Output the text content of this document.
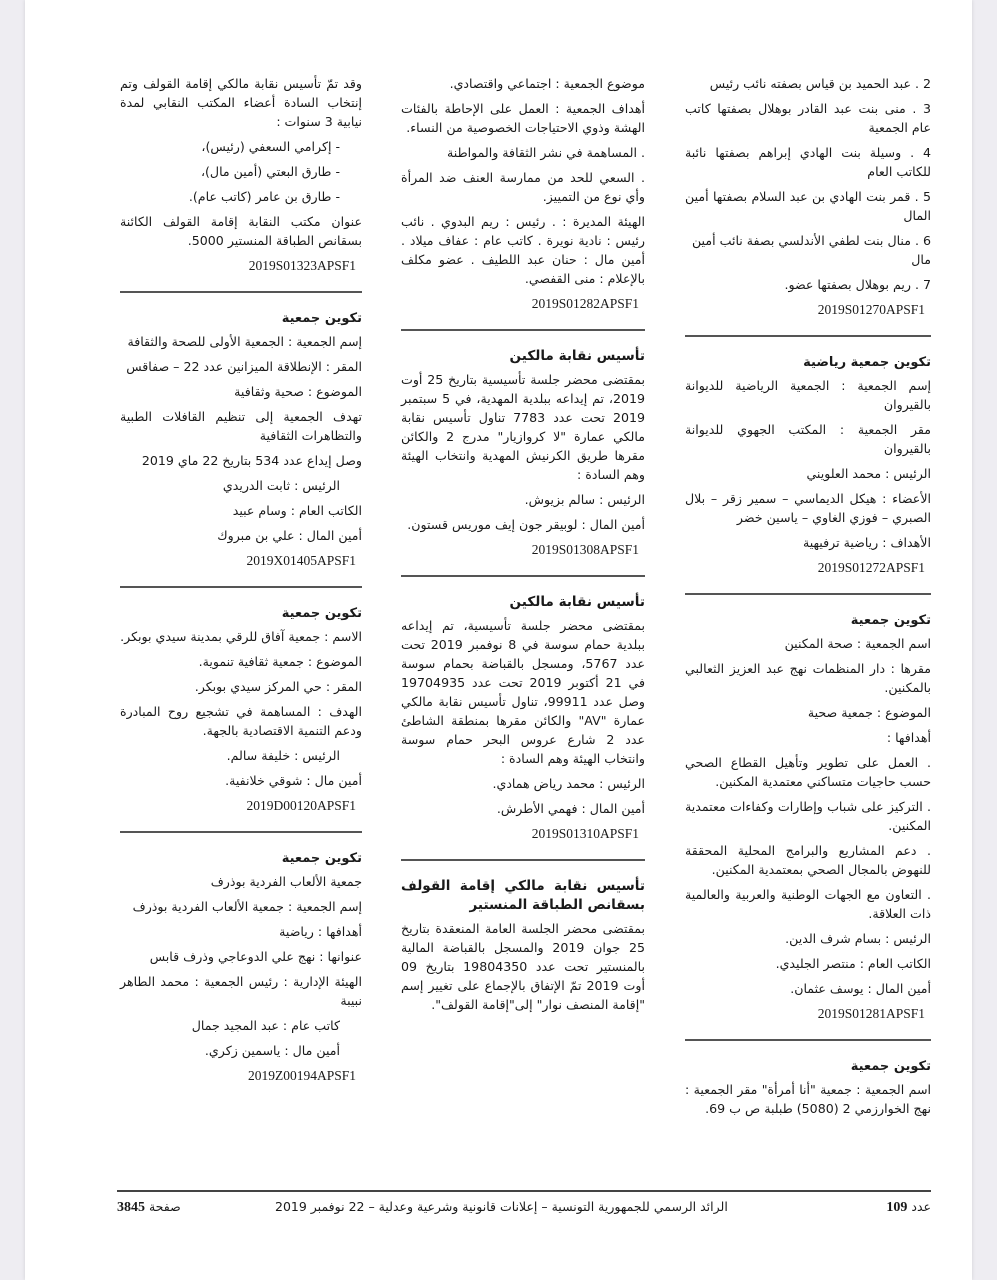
2 . عبد الحميد بن قياس بصفته نائب رئيس
3 . منى بنت عبد القادر بوهلال بصفتها كاتب عام الجمعية
4 . وسيلة بنت الهادي إبراهم بصفتها نائبة للكاتب العام
5 . قمر بنت الهادي بن عبد السلام بصفتها أمين المال
6 . منال بنت لطفي الأندلسي بصفة نائب أمين مال
7 . ريم بوهلال بصفتها عضو.
2019S01270APSF1
تكوين جمعية رياضية
إسم الجمعية : الجمعية الرياضية للديوانة بالقيروان
مقر الجمعية : المكتب الجهوي للديوانة بالقيروان
الرئيس : محمد العلويني
الأعضاء : هيكل الديماسي – سمير زقر – بلال الصبري – فوزي الغاوي – ياسين خضر
الأهداف : رياضية ترفيهية
2019S01272APSF1
تكوين جمعية
اسم الجمعية : صحة المكنين
مقرها : دار المنظمات نهج عبد العزيز الثعالبي بالمكنين.
الموضوع : جمعية صحية
أهدافها :
. العمل على تطوير وتأهيل القطاع الصحي حسب حاجيات متساكني معتمدية المكنين.
. التركيز على شباب وإطارات وكفاءات معتمدية المكنين.
. دعم المشاريع والبرامج المحلية المحققة للنهوض بالمجال الصحي بمعتمدية المكنين.
. التعاون مع الجهات الوطنية والعربية والعالمية ذات العلاقة.
الرئيس : بسام شرف الدين.
الكاتب العام : منتصر الجليدي.
أمين المال : يوسف عثمان.
2019S01281APSF1
تكوين جمعية
اسم الجمعية : جمعية "أنا أمرأة" مقر الجمعية : نهج الخوارزمي 2 (5080) طبلبة ص ب 69.
موضوع الجمعية : اجتماعي واقتصادي.
أهداف الجمعية : العمل على الإحاطة بالفئات الهشة وذوي الاحتياجات الخصوصية من النساء.
. المساهمة في نشر الثقافة والمواطنة
. السعي للحد من ممارسة العنف ضد المرأة وأي نوع من التمييز.
الهيئة المديرة : . رئيس : ريم البدوي . نائب رئيس : نادية نويرة . كاتب عام : عفاف ميلاد . أمين مال : حنان عبد اللطيف . عضو مكلف بالإعلام : منى القفصي.
2019S01282APSF1
تأسيس نقابة مالكين
بمقتضى محضر جلسة تأسيسية بتاريخ 25 أوت 2019، تم إيداعه ببلدية المهدية، في 5 سبتمبر 2019 تحت عدد 7783 تناول تأسيس نقابة مالكي عمارة "لا كروازيار" مدرج 2 والكائن مقرها طريق الكرنيش المهدية وانتخاب الهيئة وهم السادة :
الرئيس : سالم بزيوش.
أمين المال : لوبيقر جون إيف موريس قستون.
2019S01308APSF1
تأسيس نقابة مالكين
بمقتضى محضر جلسة تأسيسية، تم إيداعه ببلدية حمام سوسة في 8 نوفمبر 2019 تحت عدد 5767، ومسجل بالقباضة بحمام سوسة في 21 أكتوبر 2019 تحت عدد 19704935 وصل عدد 99911، تناول تأسيس نقابة مالكي عمارة "AV" والكائن مقرها بمنطقة الشاطئ عدد 2 شارع عروس البحر حمام سوسة وانتخاب الهيئة وهم السادة :
الرئيس : محمد رياض همادي.
أمين المال : فهمي الأطرش.
2019S01310APSF1
تأسيس نقابة مالكي إقامة القولف بسقانص الطباقة المنستير
بمقتضى محضر الجلسة العامة المنعقدة بتاريخ 25 جوان 2019 والمسجل بالقباضة المالية بالمنستير تحت عدد 19804350 بتاريخ 09 أوت 2019 تمّ الإتفاق بالإجماع على تغيير إسم "إقامة المنصف نوار" إلى"إقامة القولف".
وقد تمّ تأسيس نقابة مالكي إقامة القولف وتم إنتخاب السادة أعضاء المكتب النقابي لمدة نيابية 3 سنوات :
- إكرامي السعفي (رئيس)،
- طارق البعتي (أمين مال)،
- طارق بن عامر (كاتب عام).
عنوان مكتب النقابة إقامة القولف الكائنة بسقانص الطباقة المنستير 5000.
2019S01323APSF1
تكوين جمعية
إسم الجمعية : الجمعية الأولى للصحة والثقافة
المقر : الإنطلاقة الميزانين عدد 22 – صفاقس
الموضوع : صحية وثقافية
تهدف الجمعية إلى تنظيم القافلات الطبية والتظاهرات الثقافية
وصل إيداع عدد 534 بتاريخ 22 ماي 2019
الرئيس : ثابت الدريدي
الكاتب العام : وسام عبيد
أمين المال : علي بن مبروك
2019X01405APSF1
تكوين جمعية
الاسم : جمعية آفاق للرقي بمدينة سيدي بوبكر.
الموضوع : جمعية ثقافية تنموية.
المقر : حي المركز سيدي بوبكر.
الهدف : المساهمة في تشجيع روح المبادرة ودعم التنمية الاقتصادية بالجهة.
الرئيس : خليفة سالم.
أمين مال : شوقي خلانفية.
2019D00120APSF1
تكوين جمعية
جمعية الألعاب الفردية بوذرف
إسم الجمعية : جمعية الألعاب الفردية بوذرف
أهدافها : رياضية
عنوانها : نهج علي الدوعاجي وذرف قابس
الهيئة الإدارية : رئيس الجمعية : محمد الطاهر نبيبة
كاتب عام : عبد المجيد جمال
أمين مال : ياسمين زكري.
2019Z00194APSF1
عدد 109
الرائد الرسمي للجمهورية التونسية – إعلانات قانونية وشرعية وعدلية – 22 نوفمبر 2019
صفحة 3845
